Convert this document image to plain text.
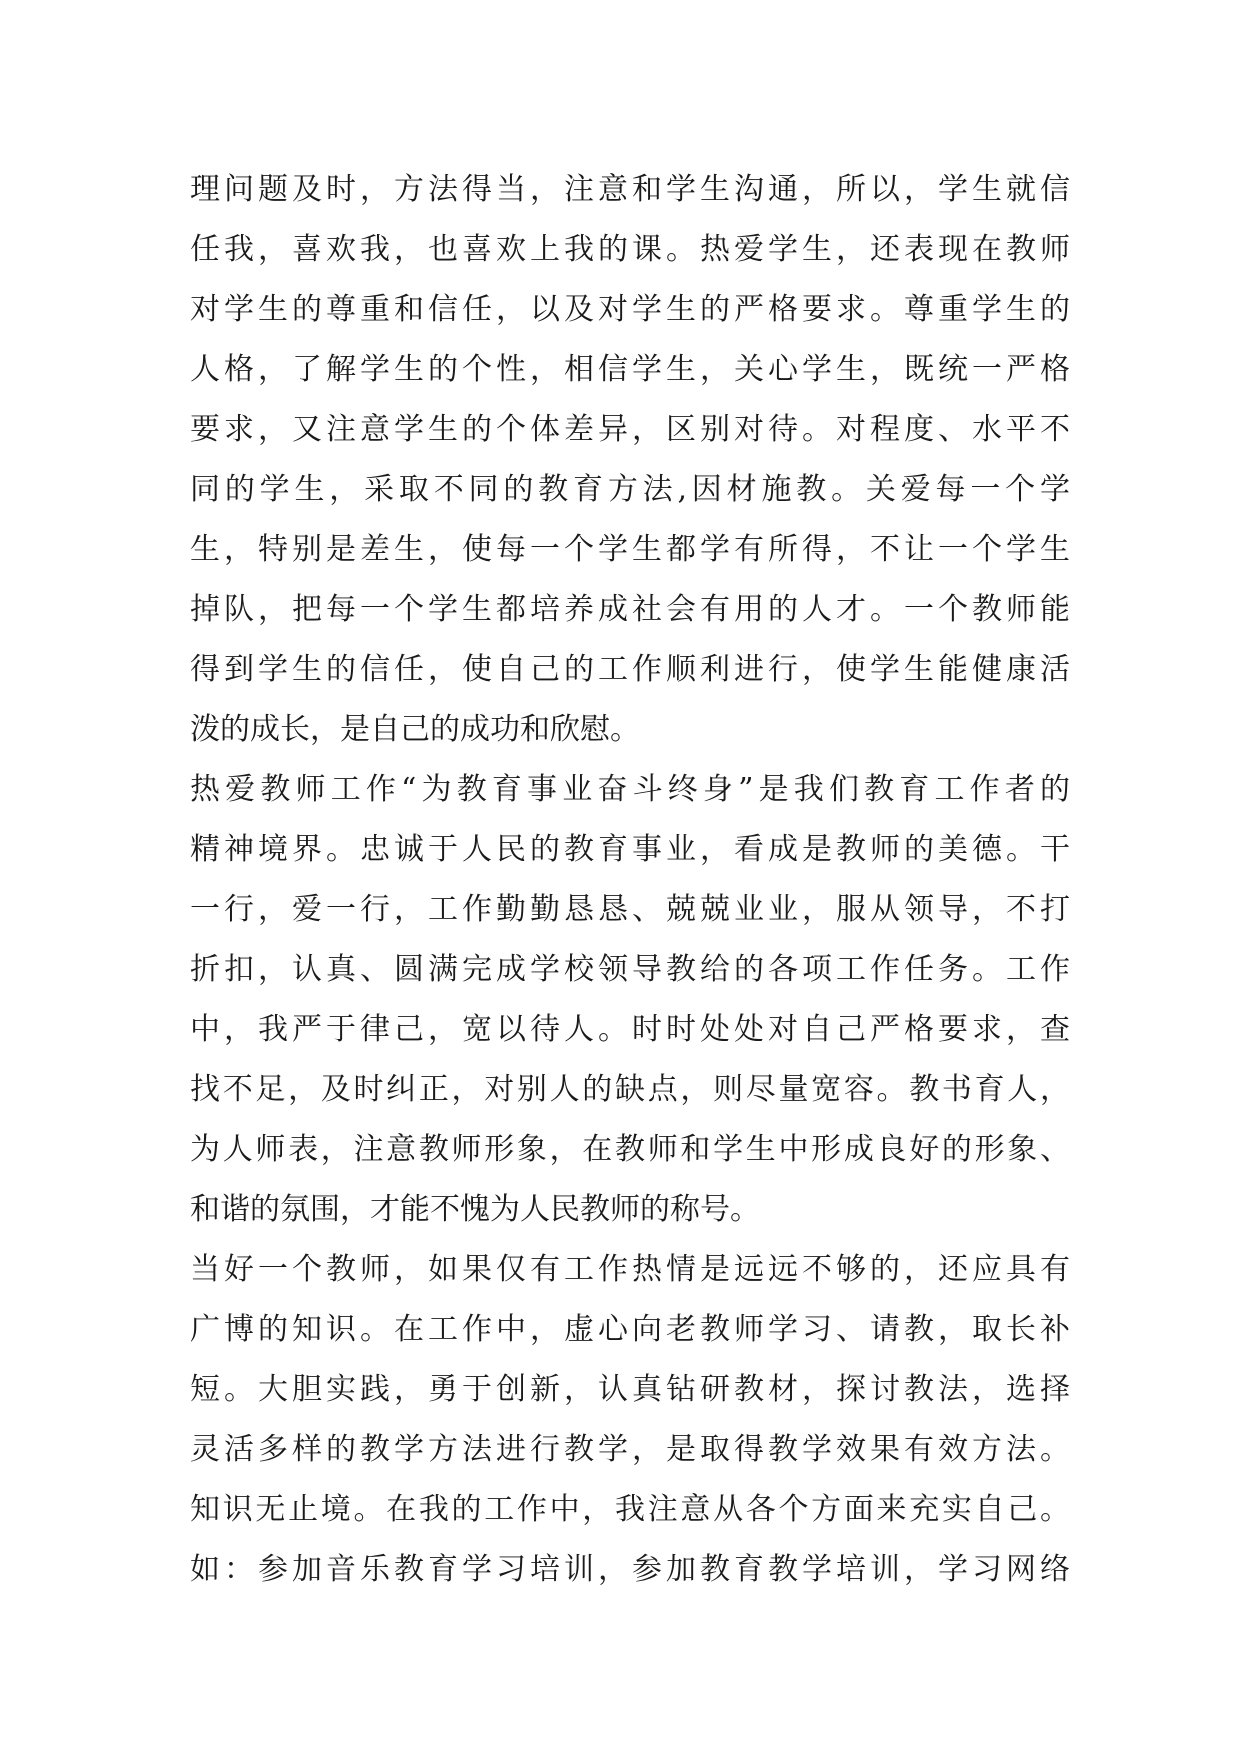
理问题及时，方法得当，注意和学生沟通，所以，学生就信
任我，喜欢我，也喜欢上我的课。热爱学生，还表现在教师
对学生的尊重和信任，以及对学生的严格要求。尊重学生的
人格，了解学生的个性，相信学生，关心学生，既统一严格
要求，又注意学生的个体差异，区别对待。对程度、水平不
同的学生，采取不同的教育方法,因材施教。关爱每一个学
生，特别是差生，使每一个学生都学有所得，不让一个学生
掉队，把每一个学生都培养成社会有用的人才。一个教师能
得到学生的信任，使自己的工作顺利进行，使学生能健康活
泼的成长，是自己的成功和欣慰。
热爱教师工作“为教育事业奋斗终身”是我们教育工作者的
精神境界。忠诚于人民的教育事业，看成是教师的美德。干
一行，爱一行，工作勤勤恳恳、兢兢业业，服从领导，不打
折扣，认真、圆满完成学校领导教给的各项工作任务。工作
中，我严于律己，宽以待人。时时处处对自己严格要求，查
找不足，及时纠正，对别人的缺点，则尽量宽容。教书育人，
为人师表，注意教师形象，在教师和学生中形成良好的形象、
和谐的氛围，才能不愧为人民教师的称号。
当好一个教师，如果仅有工作热情是远远不够的，还应具有
广博的知识。在工作中，虚心向老教师学习、请教，取长补
短。大胆实践，勇于创新，认真钻研教材，探讨教法，选择
灵活多样的教学方法进行教学，是取得教学效果有效方法。
知识无止境。在我的工作中，我注意从各个方面来充实自己。
如：参加音乐教育学习培训，参加教育教学培训，学习网络
